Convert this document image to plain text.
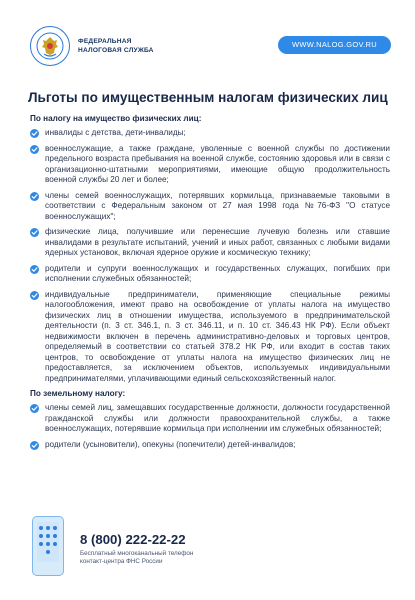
ФЕДЕРАЛЬНАЯ
НАЛОГОВАЯ СЛУЖБА
WWW.NALOG.GOV.RU
Льготы по имущественным налогам физических лиц
По налогу на имущество физических лиц:
инвалиды с детства, дети-инвалиды;
военнослужащие, а также граждане, уволенные с военной службы по достижении предельного возраста пребывания на военной службе, состоянию здоровья или в связи с организационно-штатными мероприятиями, имеющие общую продолжительность военной службы 20 лет и более;
члены семей военнослужащих, потерявших кормильца, признаваемые таковыми в соответствии с Федеральным законом от 27 мая 1998 года №76-ФЗ "О статусе военнослужащих";
физические лица, получившие или перенесшие лучевую болезнь или ставшие инвалидами в результате испытаний, учений и иных работ, связанных с любыми видами ядерных установок, включая ядерное оружие и космическую технику;
родители и супруги военнослужащих и государственных служащих, погибших при исполнении служебных обязанностей;
индивидуальные предприниматели, применяющие специальные режимы налогообложения, имеют право на освобождение от уплаты налога на имущество физических лиц в отношении имущества, используемого в предпринимательской деятельности (п. 3 ст. 346.1, п. 3 ст. 346.11, и п. 10 ст. 346.43 НК РФ). Если объект недвижимости включен в перечень административно-деловых и торговых центров, определяемый в соответствии со статьей 378.2 НК РФ, или входит в состав таких центров, то освобождение от уплаты налога на имущество физических лиц не предоставляется, за исключением объектов, используемых индивидуальными предпринимателями, уплачивающими единый сельскохозяйственный налог.
По земельному налогу:
члены семей лиц, замещавших государственные должности, должности государственной гражданской службы или должности правоохранительной службы, а также военнослужащих, потерявшие кормильца при исполнении им служебных обязанностей;
родители (усыновители), опекуны (попечители) детей-инвалидов;
8 (800) 222-22-22
Бесплатный многоканальный телефон
контакт-центра ФНС России
